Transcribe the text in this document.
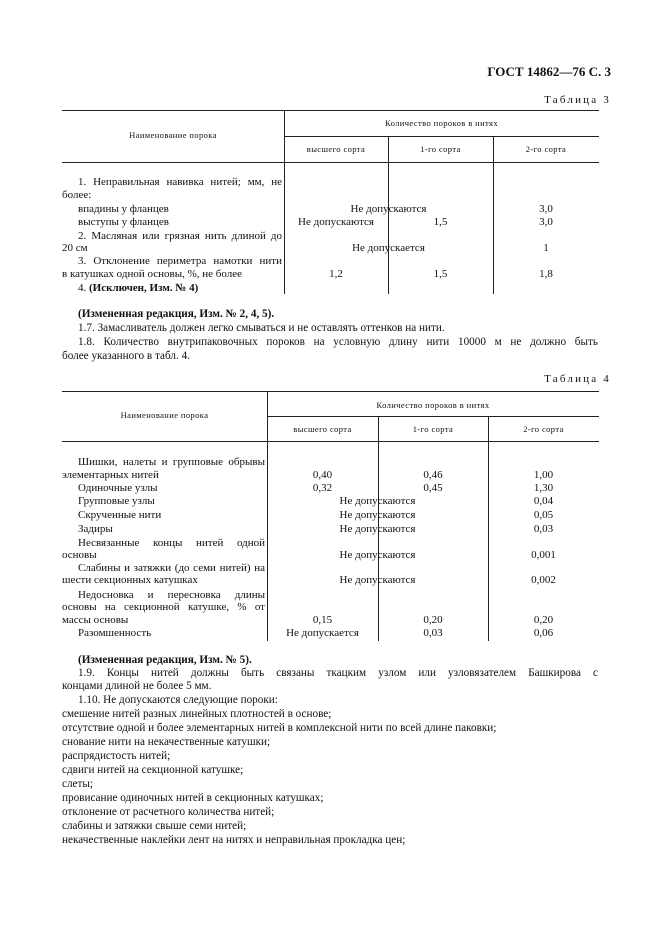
ГОСТ 14862—76 С. 3
Таблица 3
Наименование порока
Количество пороков в нитях
высшего сорта	1-го сорта	2-го сорта
1. Неправильная навивка нитей; мм, не
более:
впадины у фланцев	Не допускаются	3,0
выступы у фланцев	Не допускаются	1,5	3,0
2. Масляная или грязная нить длиной до
20 см	Не допускается	1
3. Отклонение периметра намотки нити
в катушках одной основы, %, не более	1,2	1,5	1,8
4. (Исключен, Изм. № 4)
(Измененная редакция, Изм. № 2, 4, 5).
1.7. Замасливатель должен легко смываться и не оставлять оттенков на нити.
1.8. Количество внутрипаковочных пороков на условную длину нити 10000 м не должно быть
более указанного в табл. 4.
Таблица 4
Наименование порока
Количество пороков в нитях
высшего сорта	1-го сорта	2-го сорта
Шишки, налеты и групповые обрывы
элементарных нитей	0,40	0,46	1,00
Одиночные узлы	0,32	0,45	1,30
Групповые узлы	Не допускаются	0,04
Скрученные нити	Не допускаются	0,05
Задиры	Не допускаются	0,03
Несвязанные концы нитей одной
основы	Не допускаются	0,001
Слабины и затяжки (до семи нитей) на
шести секционных катушках	Не допускаются	0,002
Недосновка и пересновка длины
основы на секционной катушке, % от
массы основы	0,15	0,20	0,20
Разомшенность	Не допускается	0,03	0,06
(Измененная редакция, Изм. № 5).
1.9. Концы нитей должны быть связаны ткацким узлом или узловязателем Башкирова с
концами длиной не более 5 мм.
1.10. Не допускаются следующие пороки:
смешение нитей разных линейных плотностей в основе;
отсутствие одной и более элементарных нитей в комплексной нити по всей длине паковки;
снование нити на некачественные катушки;
распрядистость нитей;
сдвиги нитей на секционной катушке;
слеты;
провисание одиночных нитей в секционных катушках;
отклонение от расчетного количества нитей;
слабины и затяжки свыше семи нитей;
некачественные наклейки лент на нитях и неправильная прокладка цен;
